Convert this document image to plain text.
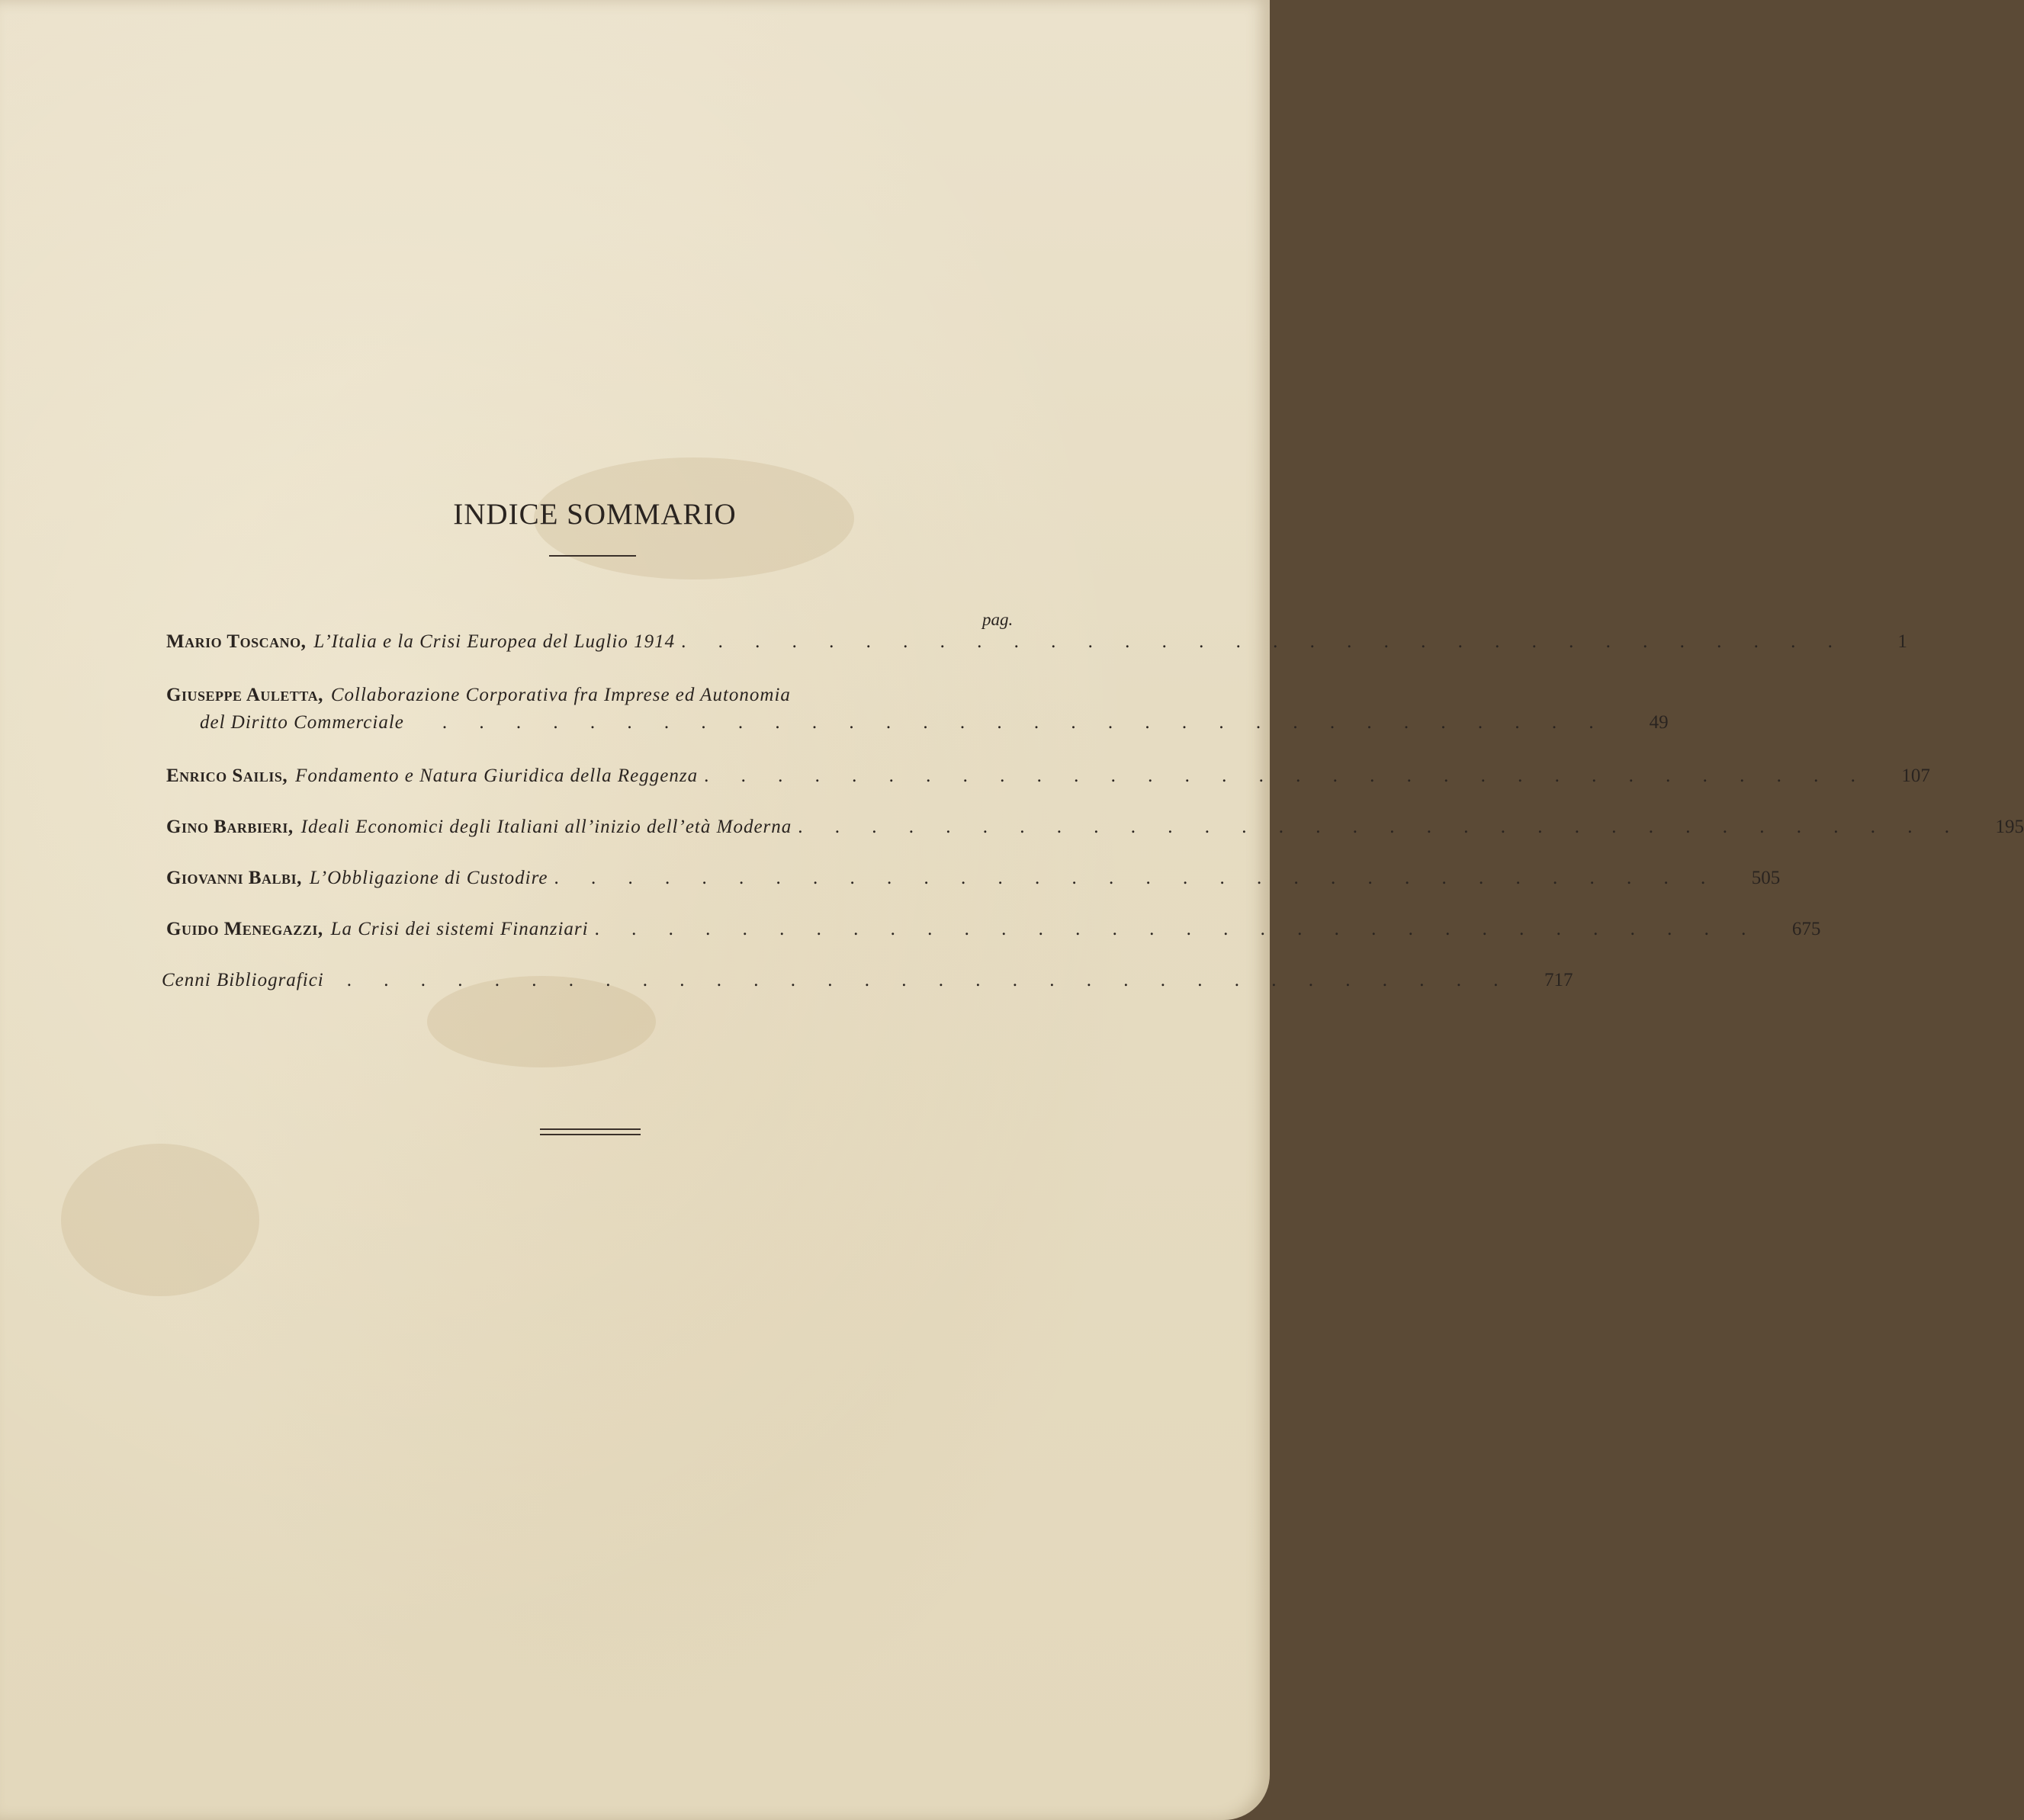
INDICE SOMMARIO
pag.
Mario Toscano, L’Italia e la Crisi Europea del Luglio 1914 . . . . . . . . . . . . . . . . . . . . . . . . . . . . . . . .	1
Giuseppe Auletta, Collaborazione Corporativa fra Imprese ed Autonomia
del Diritto Commerciale . . . . . . . . . . . . . . . . . . . . . . . . . . . . . . . .	49
Enrico Sailis, Fondamento e Natura Giuridica della Reggenza . . . . . . . . . . . . . . . . . . . . . . . . . . . . . . . .	107
Gino Barbieri, Ideali Economici degli Italiani all’inizio dell’età Moderna . . . . . . . . . . . . . . . . . . . . . . . . . . . . . . . .	195
Giovanni Balbi, L’Obbligazione di Custodire . . . . . . . . . . . . . . . . . . . . . . . . . . . . . . . .	505
Guido Menegazzi, La Crisi dei sistemi Finanziari . . . . . . . . . . . . . . . . . . . . . . . . . . . . . . . .	675
Cenni Bibliografici . . . . . . . . . . . . . . . . . . . . . . . . . . . . . . . .	717
